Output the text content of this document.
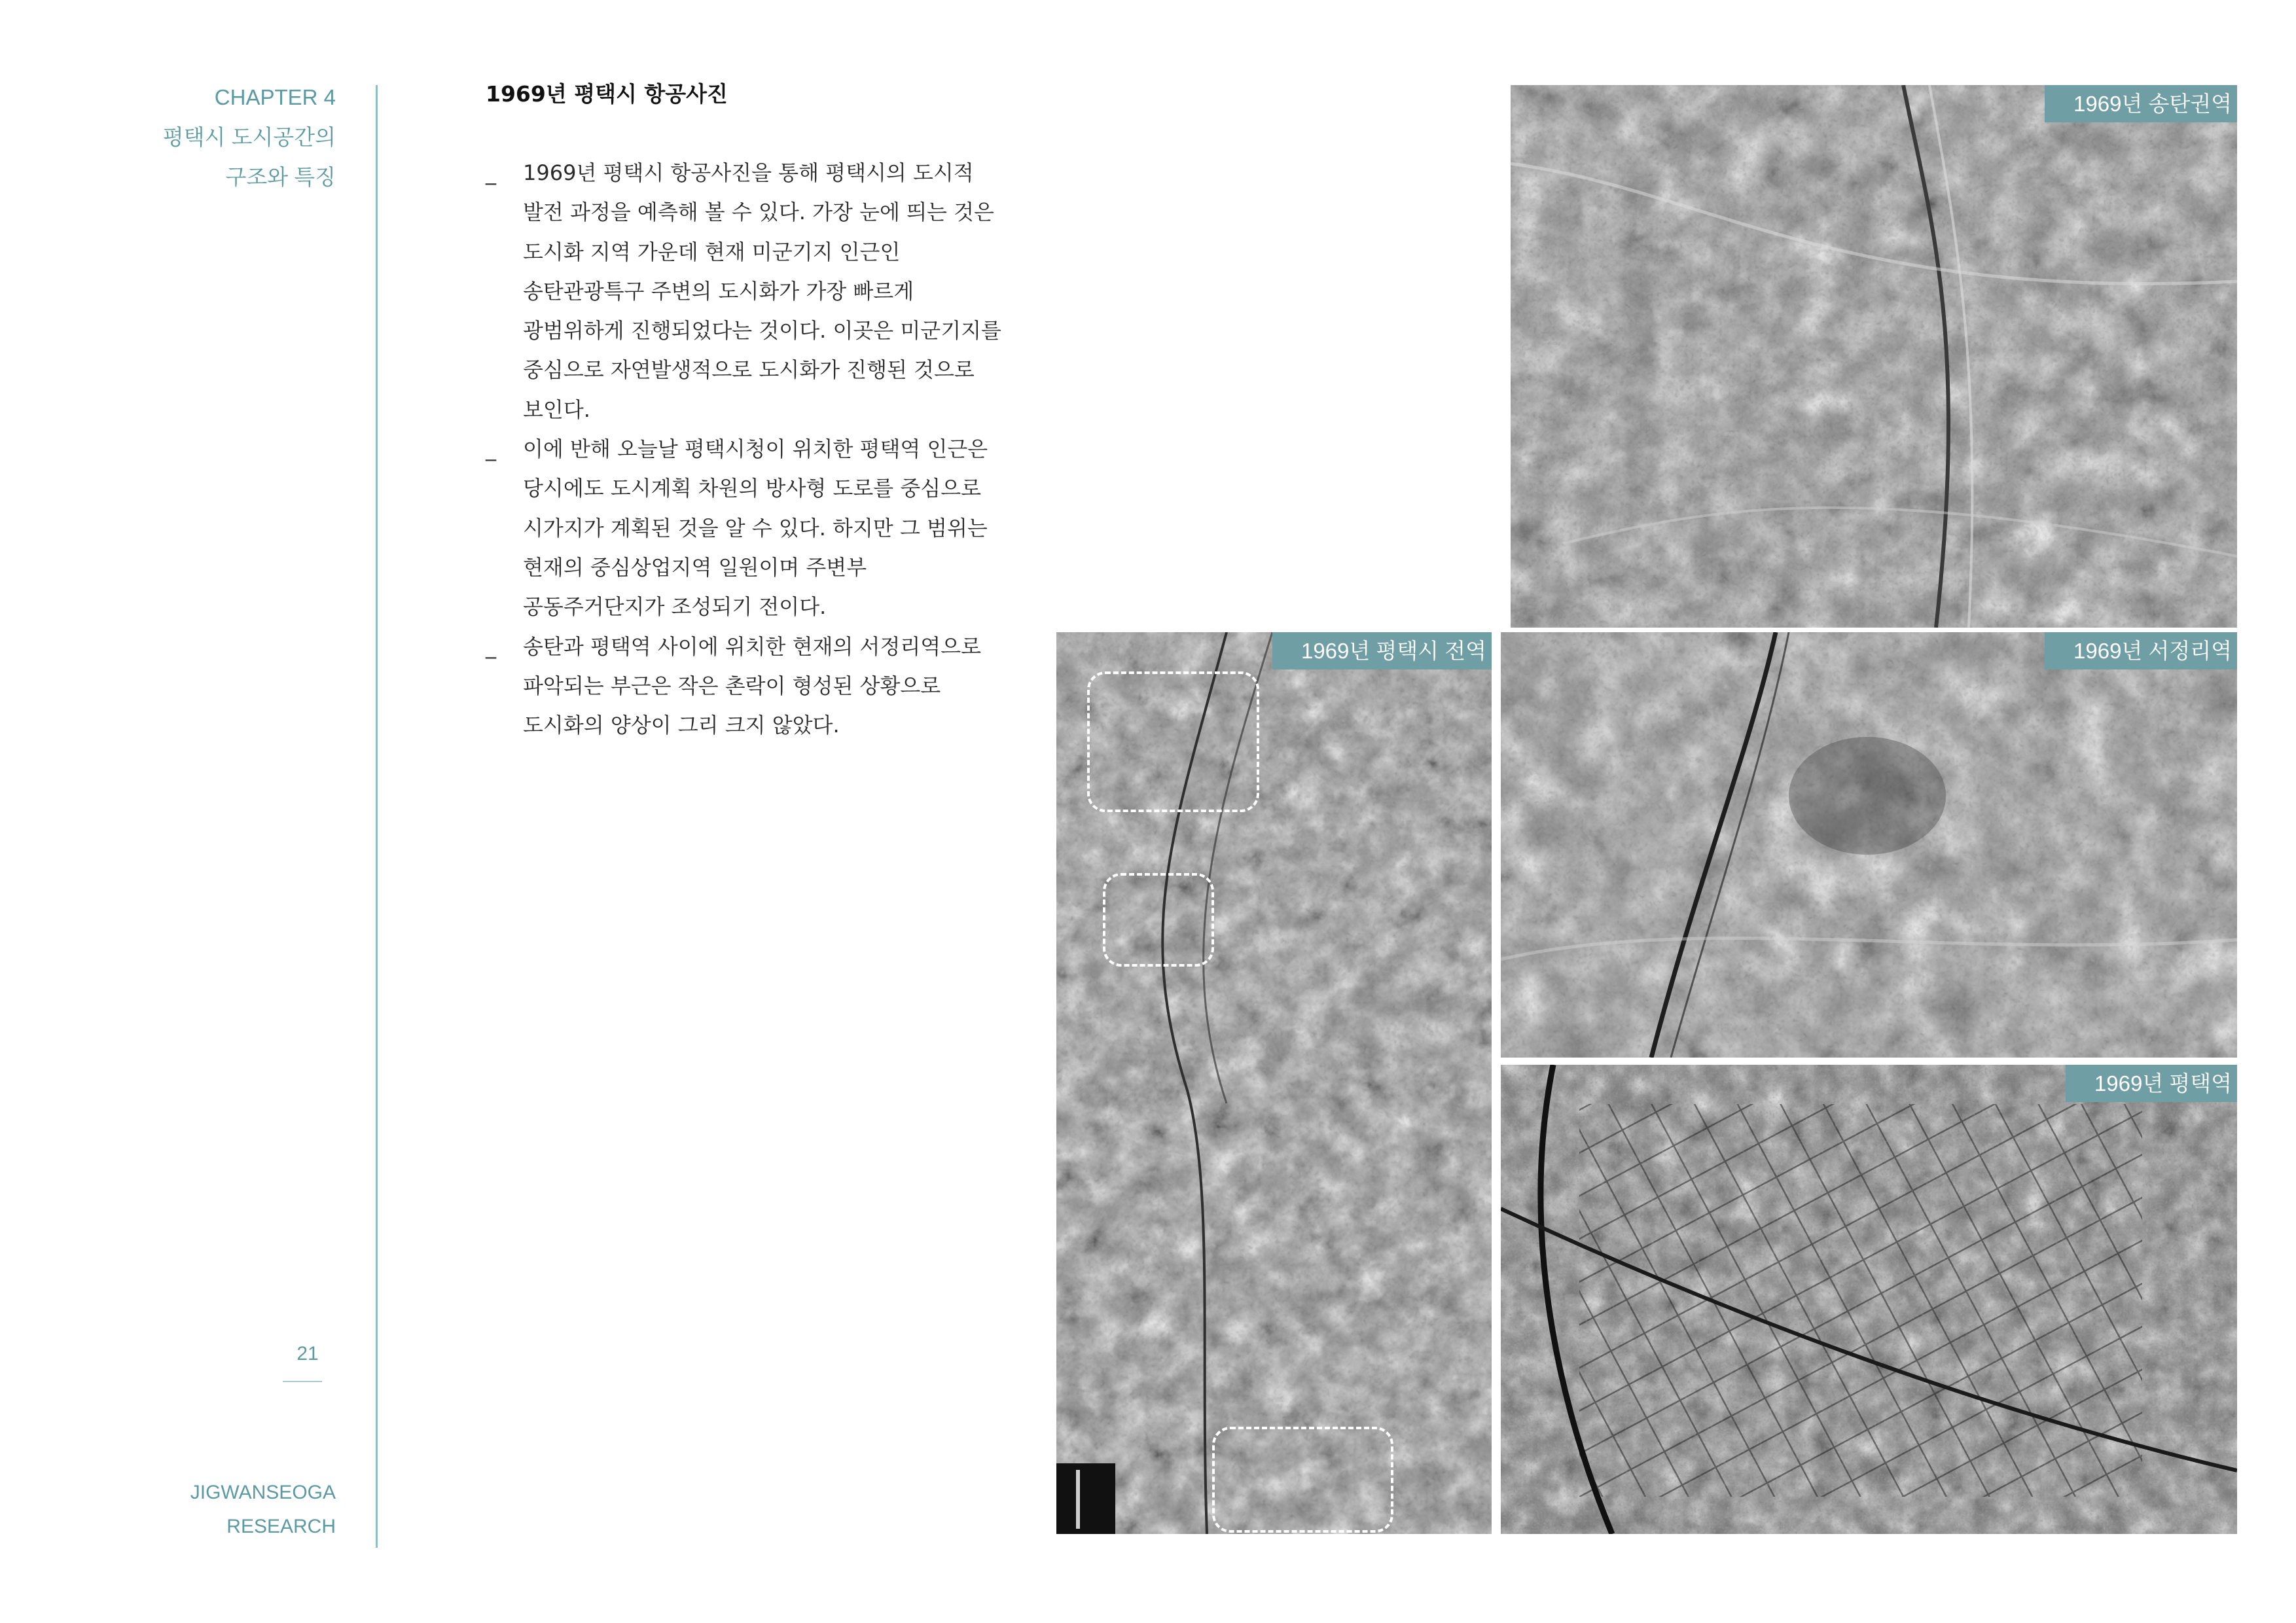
CHAPTER 4
평택시 도시공간의
구조와 특징
21
JIGWANSEOGA
RESEARCH
1969년 평택시 항공사진
_ 1969년 평택시 항공사진을 통해 평택시의 도시적
발전 과정을 예측해 볼 수 있다. 가장 눈에 띄는 것은
도시화 지역 가운데 현재 미군기지 인근인
송탄관광특구 주변의 도시화가 가장 빠르게
광범위하게 진행되었다는 것이다. 이곳은 미군기지를
중심으로 자연발생적으로 도시화가 진행된 것으로
보인다.
_ 이에 반해 오늘날 평택시청이 위치한 평택역 인근은
당시에도 도시계획 차원의 방사형 도로를 중심으로
시가지가 계획된 것을 알 수 있다. 하지만 그 범위는
현재의 중심상업지역 일원이며 주변부
공동주거단지가 조성되기 전이다.
_ 송탄과 평택역 사이에 위치한 현재의 서정리역으로
파악되는 부근은 작은 촌락이 형성된 상황으로
도시화의 양상이 그리 크지 않았다.
1969년 송탄권역
1969년 평택시 전역	1969년 서정리역
1969년 평택역
